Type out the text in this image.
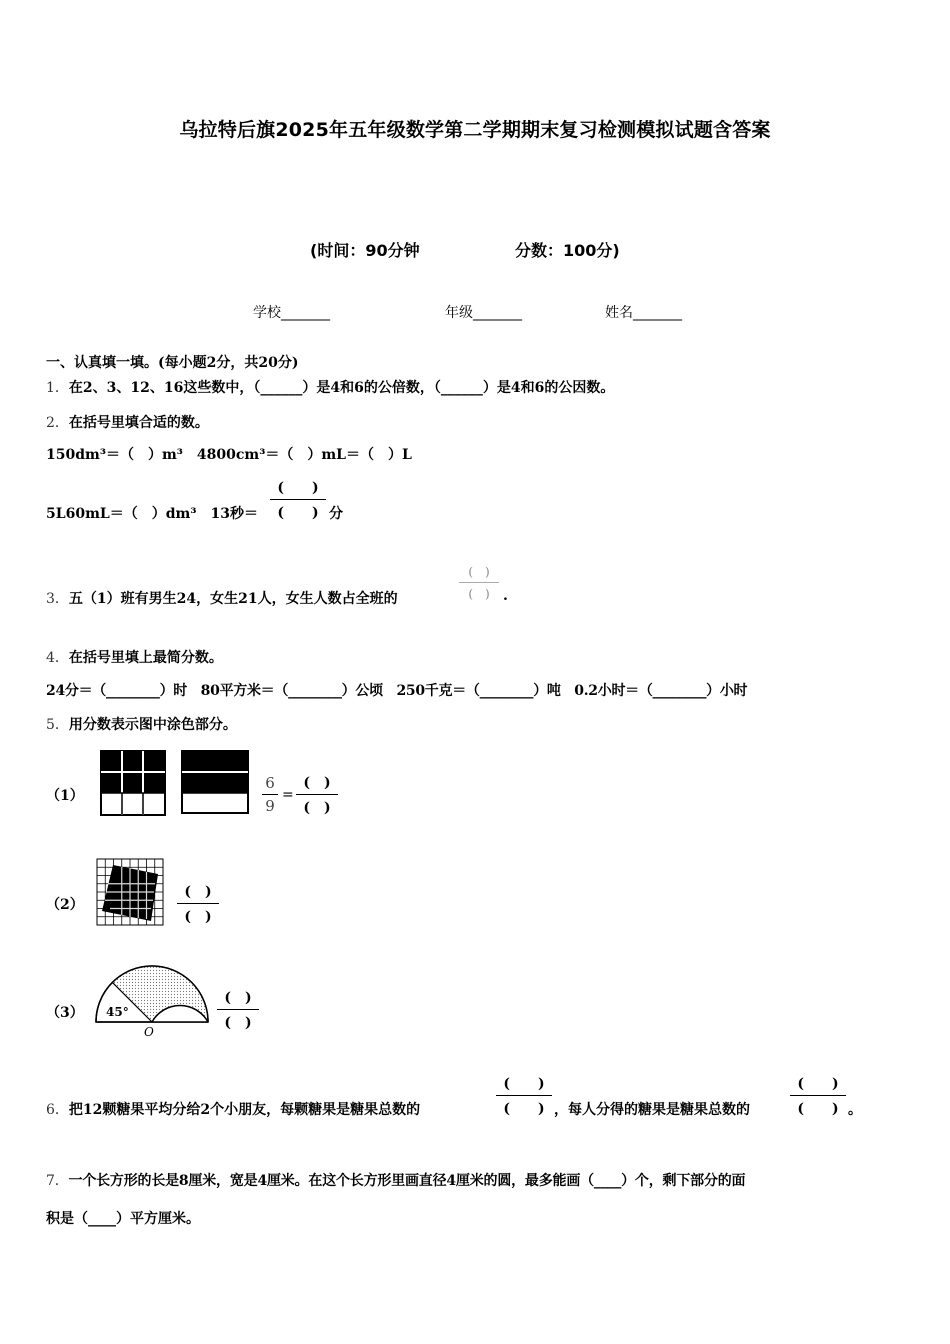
乌拉特后旗2025年五年级数学第二学期期末复习检测模拟试题含答案
(时间：90分钟	分数：100分)
学校_______	年级_______	姓名_______
一、认真填一填。(每小题2分，共20分)
1．在2、3、12、16这些数中，（______）是4和6的公倍数，（______）是4和6的公因数。
2．在括号里填合适的数。
150dm³＝（　）m³　4800cm³＝（　）mL＝（　）L
5L60mL＝（　）dm³　13秒＝
(　　)
(　　) 分
3．五（1）班有男生24，女生21人，女生人数占全班的
(　)
(　) .
4．在括号里填上最简分数。
24分＝（________）时　80平方米＝（________）公顷　250千克＝（________）吨　0.2小时＝（________）小时
5．用分数表示图中涂色部分。
（1）
6
9
=
(　)
(　)
（2）
(　)
(　)
（3） 45°
O
(　)
(　)
6．把12颗糖果平均分给2个小朋友，每颗糖果是糖果总数的
(　　)
(　　) ，每人分得的糖果是糖果总数的
(　　)
(　　) 。
7．一个长方形的长是8厘米，宽是4厘米。在这个长方形里画直径4厘米的圆，最多能画（____）个，剩下部分的面
积是（____）平方厘米。
